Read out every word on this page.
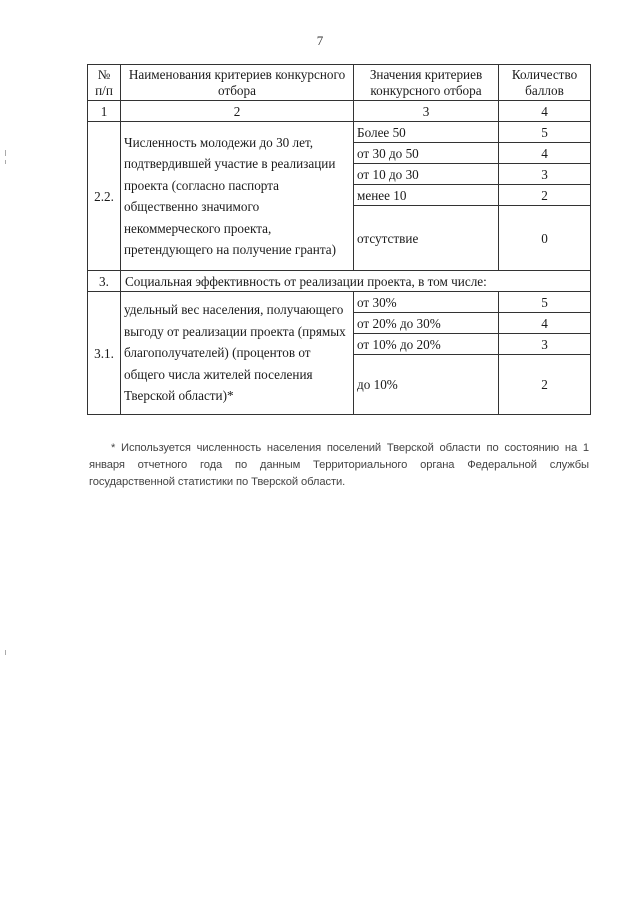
7
№ п/п	Наименования критериев конкурсного отбора	Значения критериев конкурсного отбора	Количество баллов
1	2	3	4
2.2.	Численность молодежи до 30 лет, подтвердившей участие в реализации проекта (согласно паспорта общественно значимого некоммерческого проекта, претендующего на получение гранта)	Более 50	5
		от 30 до 50	4
		от 10 до 30	3
		менее 10	2
		отсутствие	0
3.	Социальная эффективность от реализации проекта, в том числе:		
3.1.	удельный вес населения, получающего выгоду от реализации проекта (прямых благополучателей) (процентов от общего числа жителей поселения Тверской области)*	от 30%	5
		от 20% до 30%	4
		от 10% до 20%	3
		до 10%	2
* Используется численность населения поселений Тверской области по состоянию на 1 января отчетного года по данным Территориального органа Федеральной службы государственной статистики по Тверской области.
